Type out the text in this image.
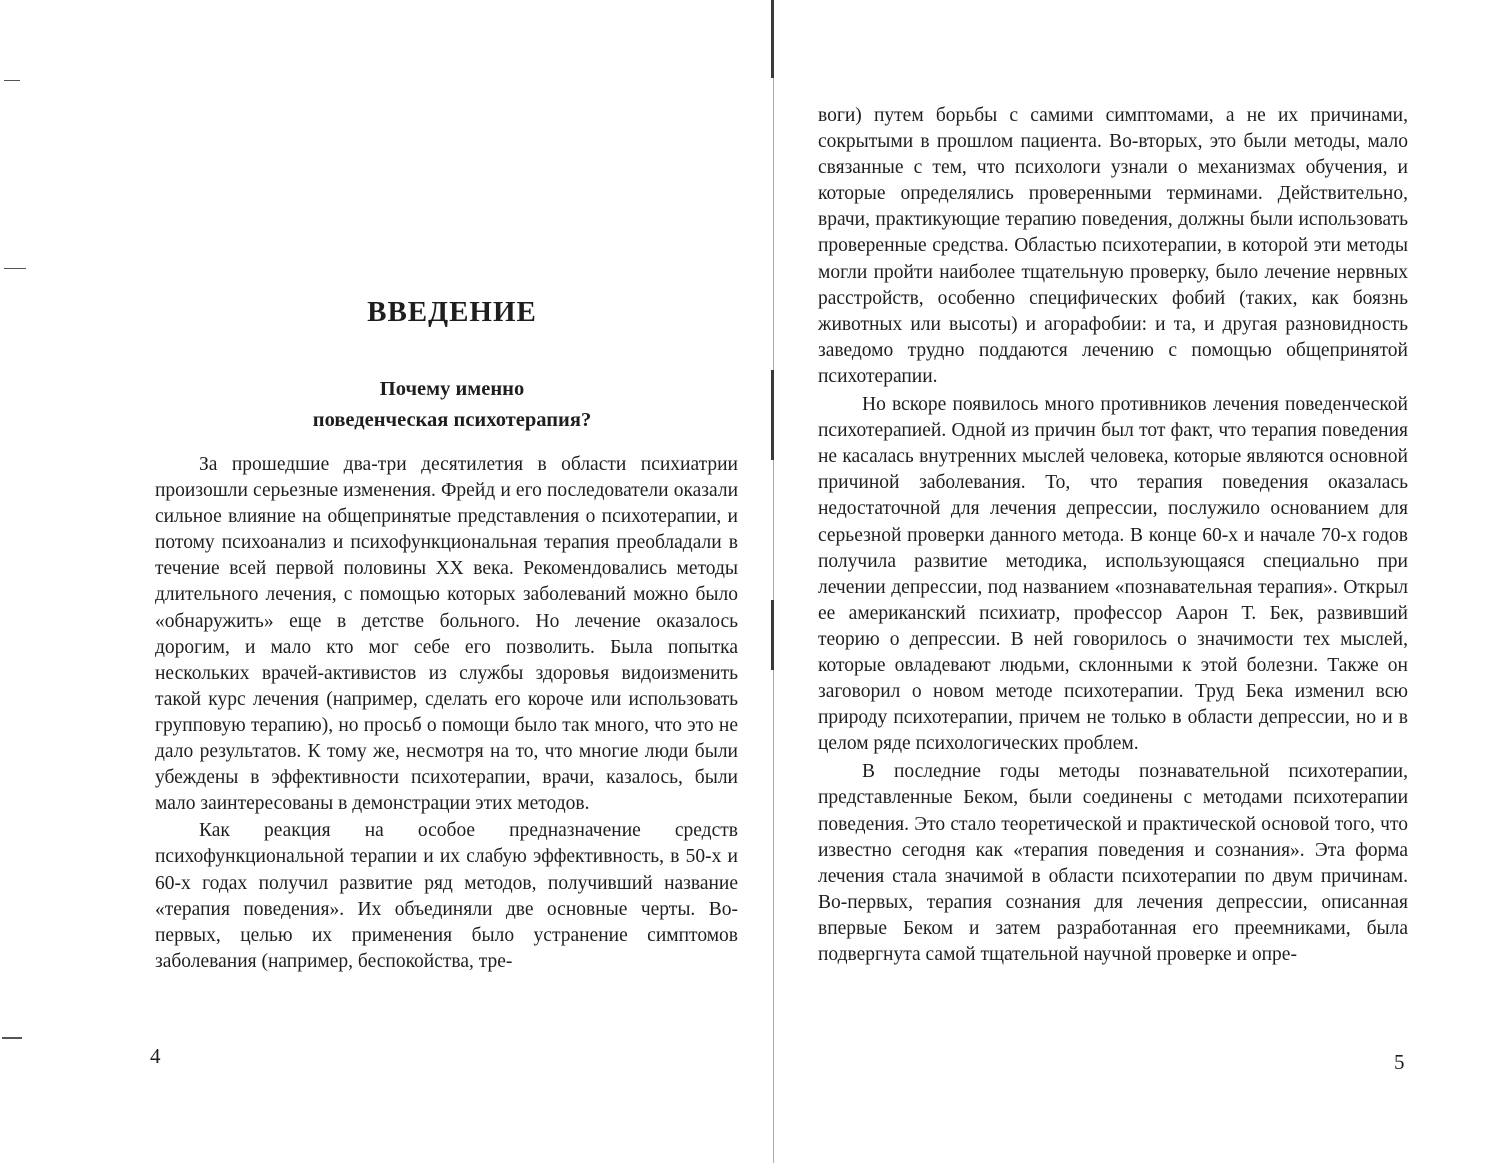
ВВЕДЕНИЕ
Почему именно
поведенческая психотерапия?

За прошедшие два-три десятилетия в области психиатрии произошли серьезные изменения. Фрейд и его последователи оказали сильное влияние на общепринятые представления о психотерапии, и потому психоанализ и психофункциональная терапия преобладали в течение всей первой половины XX века. Рекомендовались методы длительного лечения, с помощью которых заболеваний можно было «обнаружить» еще в детстве больного. Но лечение оказалось дорогим, и мало кто мог себе его позволить. Была попытка нескольких врачей-активистов из службы здоровья видоизменить такой курс лечения (например, сделать его короче или использовать групповую терапию), но просьб о помощи было так много, что это не дало результатов. К тому же, несмотря на то, что многие люди были убеждены в эффективности психотерапии, врачи, казалось, были мало заинтересованы в демонстрации этих методов.

Как реакция на особое предназначение средств психофункциональной терапии и их слабую эффективность, в 50-х и 60-х годах получил развитие ряд методов, получивший название «терапия поведения». Их объединяли две основные черты. Во-первых, целью их применения было устранение симптомов заболевания (например, беспокойства, тре-

4

воги) путем борьбы с самими симптомами, а не их причинами, сокрытыми в прошлом пациента. Во-вторых, это были методы, мало связанные с тем, что психологи узнали о механизмах обучения, и которые определялись проверенными терминами. Действительно, врачи, практикующие терапию поведения, должны были использовать проверенные средства. Областью психотерапии, в которой эти методы могли пройти наиболее тщательную проверку, было лечение нервных расстройств, особенно специфических фобий (таких, как боязнь животных или высоты) и агорафобии: и та, и другая разновидность заведомо трудно поддаются лечению с помощью общепринятой психотерапии.

Но вскоре появилось много противников лечения поведенческой психотерапией. Одной из причин был тот факт, что терапия поведения не касалась внутренних мыслей человека, которые являются основной причиной заболевания. То, что терапия поведения оказалась недостаточной для лечения депрессии, послужило основанием для серьезной проверки данного метода. В конце 60-х и начале 70-х годов получила развитие методика, использующаяся специально при лечении депрессии, под названием «познавательная терапия». Открыл ее американский психиатр, профессор Аарон Т. Бек, развивший теорию о депрессии. В ней говорилось о значимости тех мыслей, которые овладевают людьми, склонными к этой болезни. Также он заговорил о новом методе психотерапии. Труд Бека изменил всю природу психотерапии, причем не только в области депрессии, но и в целом ряде психологических проблем.

В последние годы методы познавательной психотерапии, представленные Беком, были соединены с методами психотерапии поведения. Это стало теоретической и практической основой того, что известно сегодня как «терапия поведения и сознания». Эта форма лечения стала значимой в области психотерапии по двум причинам. Во-первых, терапия сознания для лечения депрессии, описанная впервые Беком и затем разработанная его преемниками, была подвергнута самой тщательной научной проверке и опре-

5
